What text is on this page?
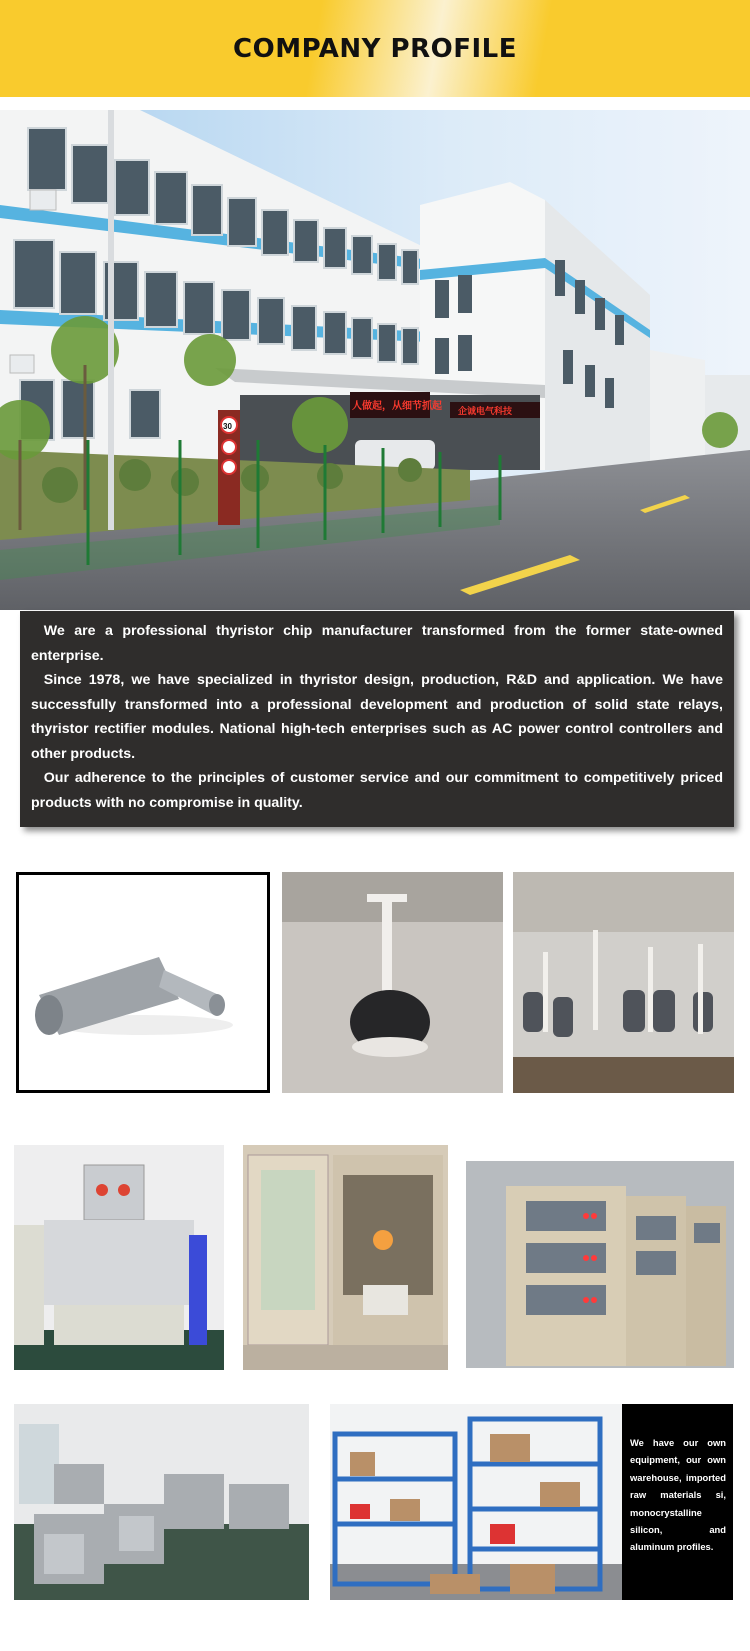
COMPANY PROFILE
人做起，从细节抓起 企诚电气科技
30

We are a professional thyristor chip manufacturer transformed from the former state-owned enterprise.

Since 1978, we have specialized in thyristor design, production, R&D and application. We have successfully transformed into a professional development and production of solid state relays, thyristor rectifier modules. National high-tech enterprises such as AC power control controllers and other products.

Our adherence to the principles of customer service and our commitment to competitively priced products with no compromise in quality.

We have our own equipment, our own warehouse, imported raw materials si, monocrystalline silicon, and aluminum profiles.
